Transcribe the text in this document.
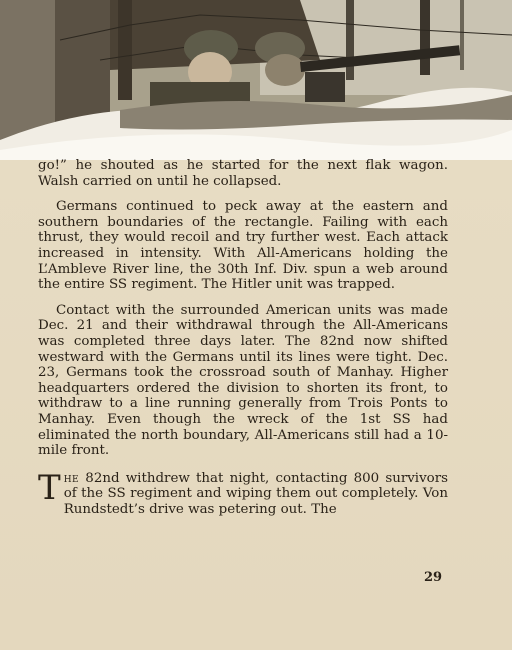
go!” he shouted as he started for the next flak wagon. Walsh carried on until he collapsed.

Germans continued to peck away at the eastern and southern boundaries of the rectangle. Failing with each thrust, they would recoil and try further west. Each attack increased in intensity. With All-Americans holding the L’Ambleve River line, the 30th Inf. Div. spun a web around the entire SS regiment. The Hitler unit was trapped.

Contact with the surrounded American units was made Dec. 21 and their withdrawal through the All-Americans was completed three days later. The 82nd now shifted westward with the Germans until its lines were tight. Dec. 23, Germans took the crossroad south of Manhay. Higher headquarters ordered the division to shorten its front, to withdraw to a line running generally from Trois Ponts to Manhay. Even though the wreck of the 1st SS had eliminated the north boundary, All-Americans still had a 10-mile front.

The 82nd withdrew that night, contacting 800 survivors of the SS regiment and wiping them out completely. Von Rundstedt’s drive was petering out. The

29
